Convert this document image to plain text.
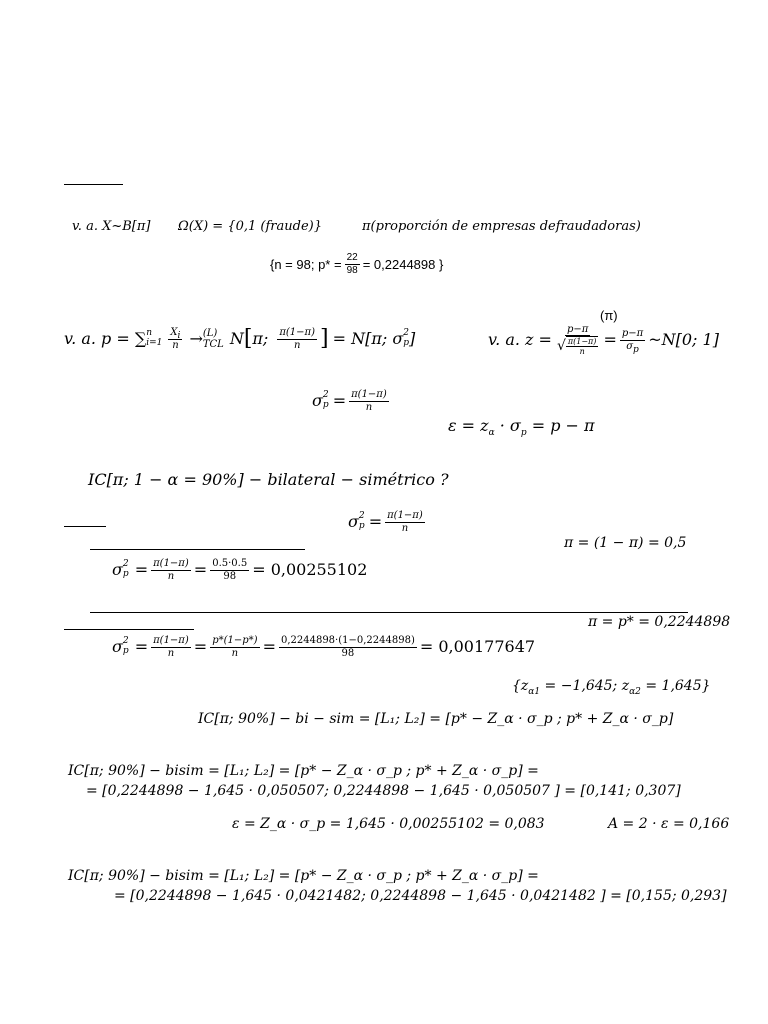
v. a. X~B[π] Ω(X) = {0,1 (fraude)}	π(proporción de empresas defraudadoras)
{n = 98; $p* = \frac{22}{98} = 0,2244898$ }
(π)
v. a. p = ∑ n
$i=1 \frac{X_i}{n} \to (L)$
TCL N [ π; $\frac{\pi(1-\pi)}{n}$ ] = N[π; σ 2
p ]	v. a. $z = \frac{p-\pi}{√ \frac{\pi(1-\pi)}{n}} = \frac{p-\pi}{\sigma_p}$ ~N[0; 1]
σ 2
$p = \frac{\pi(1-\pi)}{n}$
$\varepsilon = z_\alpha \cdot \sigma_p = p - \pi$
IC[π; 1 − α = 90%] − bilateral − simétrico ?
σ 2
$p = \frac{\pi(1-\pi)}{n}$
π = (1 − π) = 0,5
σ 2
$p = \frac{\pi(1-\pi)}{n} = \frac{0.5\cdot 0.5}{98} = 0,00255102$
π = p* = 0,2244898
σ 2
$p = \frac{\pi(1-\pi)}{n} = \frac{p*(1-p*)}{n} = \frac{0,2244898\cdot(1-0,2244898)}{98} = 0,00177647$
{$z_{\alpha 1} = -1,645$; $z_{\alpha 2} = 1,645$}
IC[π; 90%] − bi − sim = [L₁; L₂] = [p* − Z_α · σ_p ; p* + Z_α · σ_p]
IC[π; 90%] − bisim = [L₁; L₂] = [p* − Z_α · σ_p ; p* + Z_α · σ_p] =
= [0,2244898 − 1,645 · 0,050507; 0,2244898 − 1,645 · 0,050507 ] = [0,141; 0,307]
ε = Z_α · σ_p = 1,645 · 0,00255102 = 0,083	A = 2 · ε = 0,166
IC[π; 90%] − bisim = [L₁; L₂] = [p* − Z_α · σ_p ; p* + Z_α · σ_p] =
= [0,2244898 − 1,645 · 0,0421482; 0,2244898 − 1,645 · 0,0421482 ] = [0,155; 0,293]
